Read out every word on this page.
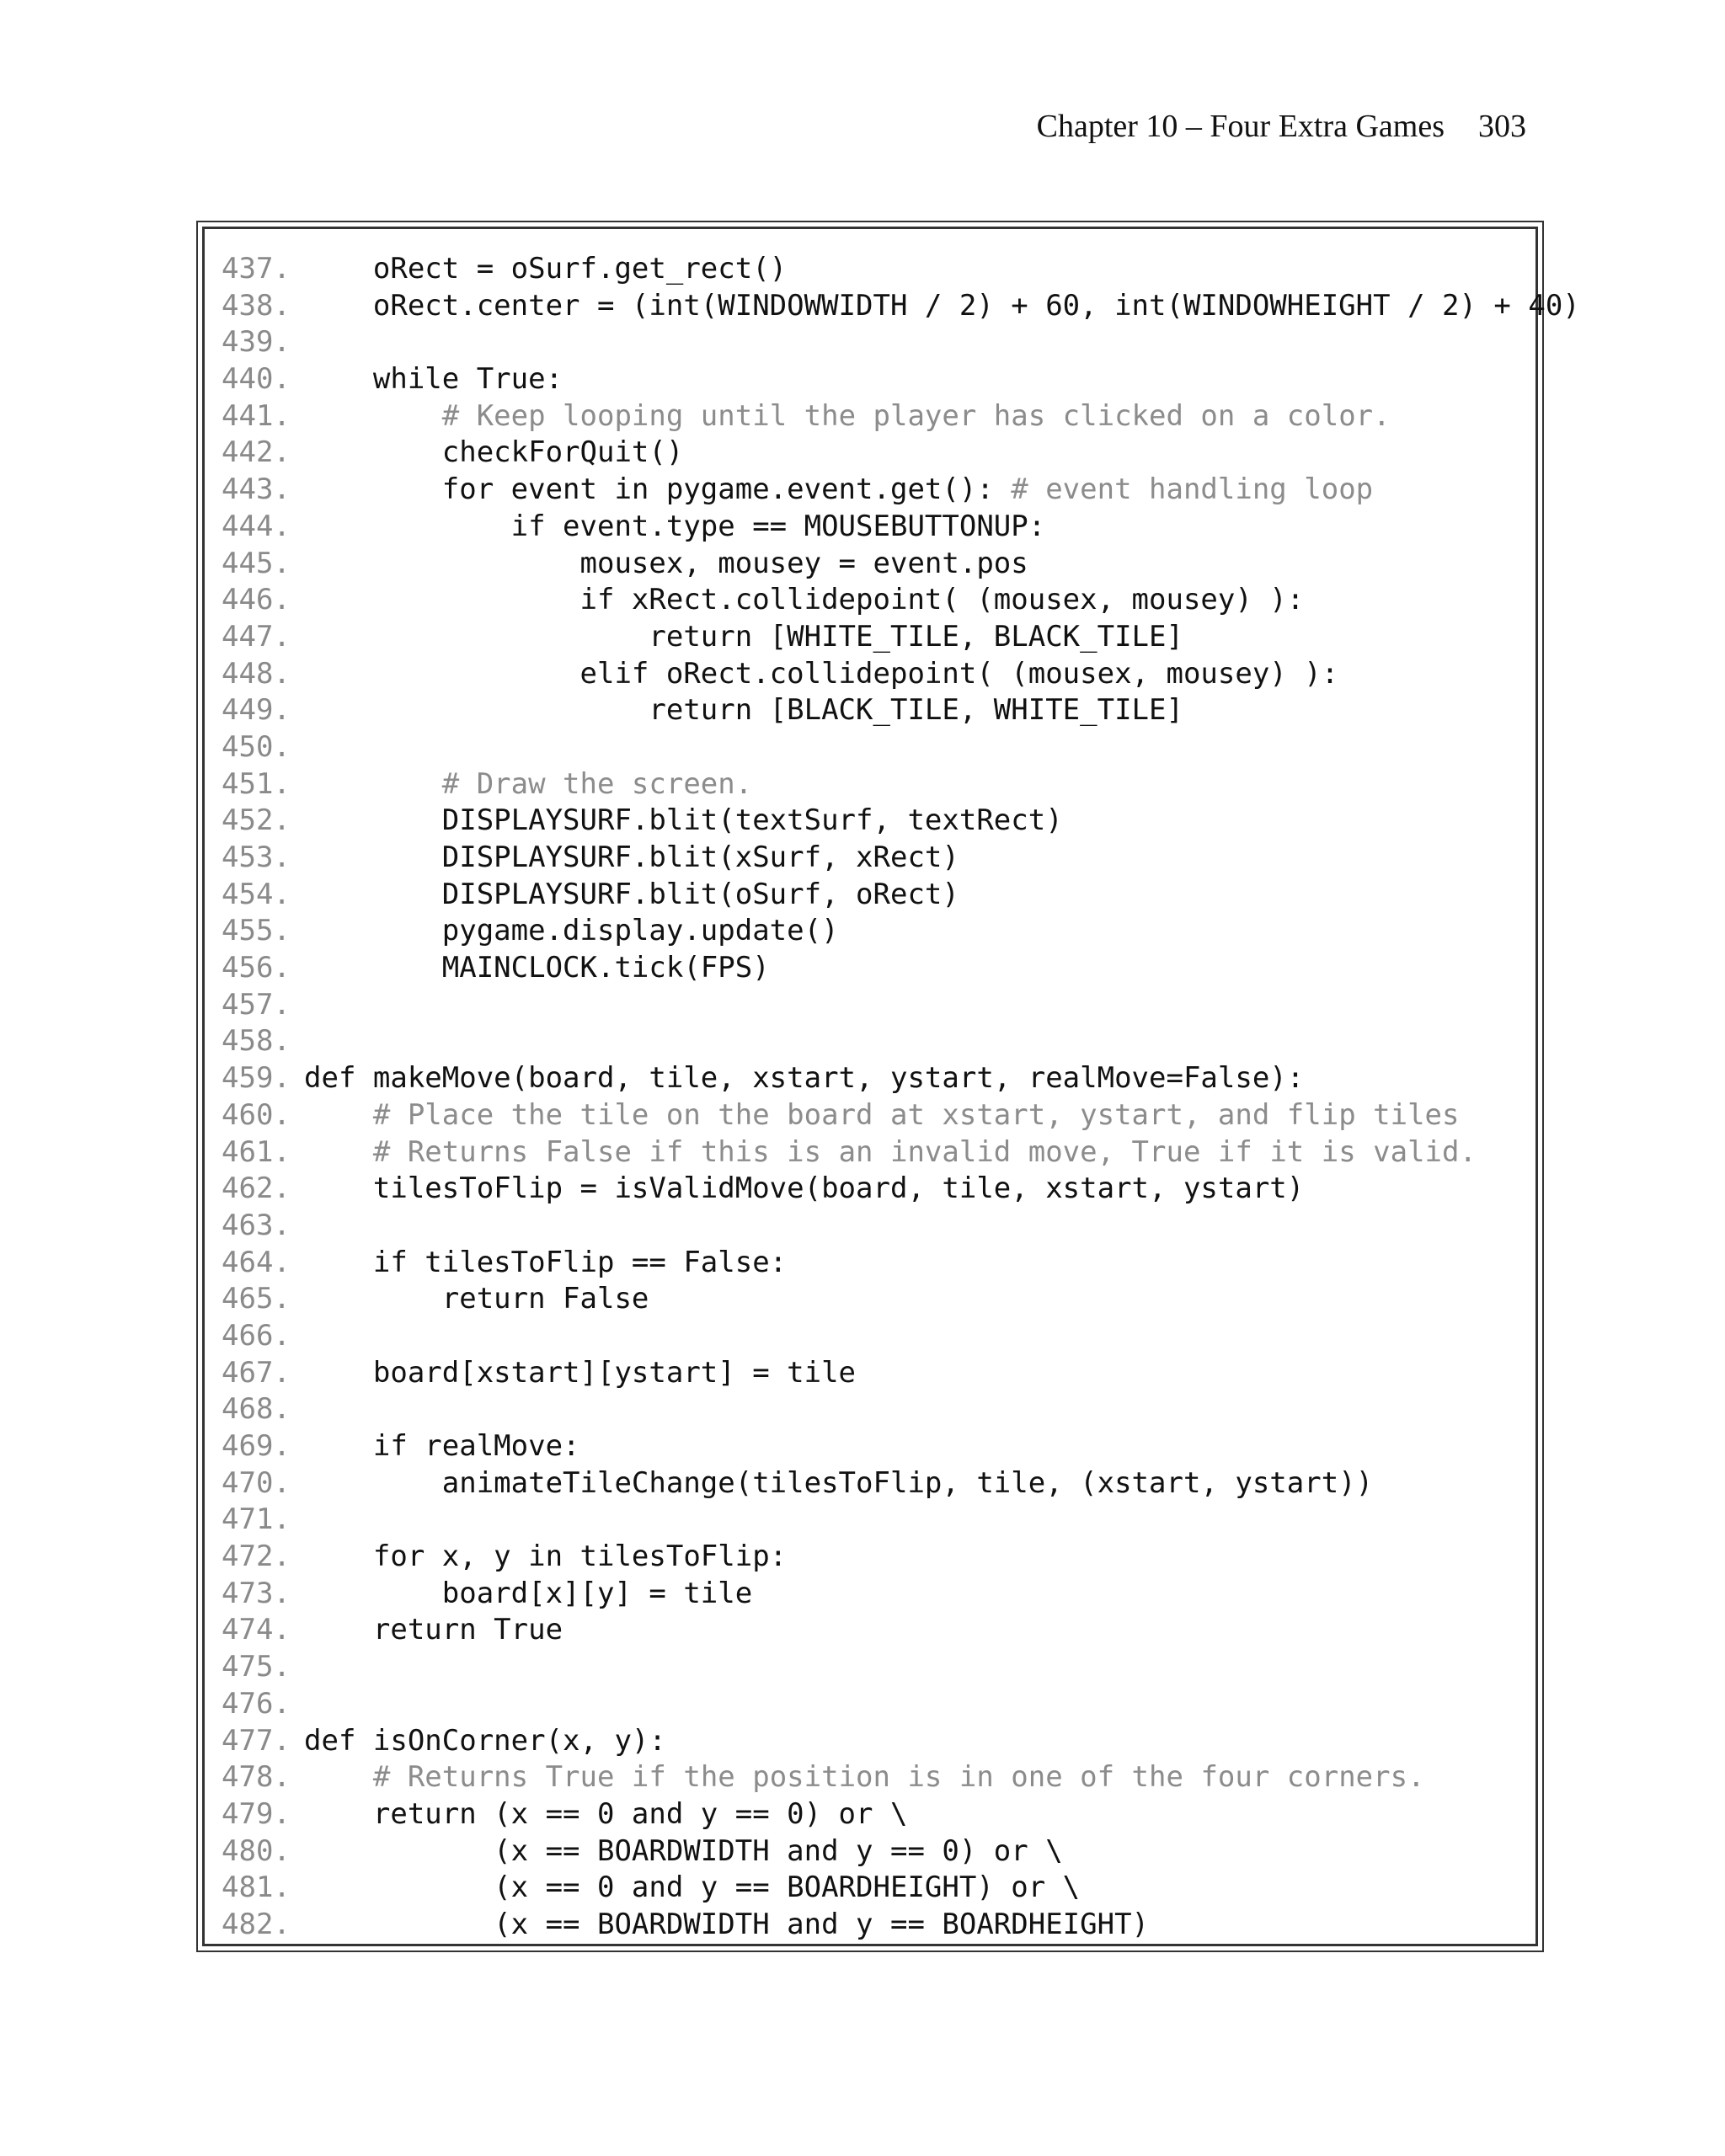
Chapter 10 – Four Extra Games 303
437. oRect = oSurf.get_rect()
438. oRect.center = (int(WINDOWWIDTH / 2) + 60, int(WINDOWHEIGHT / 2) + 40)
439.
440. while True:
441.	# Keep looping until the player has clicked on a color.
442. checkForQuit()
443. for event in pygame.event.get(): # event handling loop
444. if event.type == MOUSEBUTTONUP:
445. mousex, mousey = event.pos
446. if xRect.collidepoint( (mousex, mousey) ):
447. return [WHITE_TILE, BLACK_TILE]
448. elif oRect.collidepoint( (mousex, mousey) ):
449. return [BLACK_TILE, WHITE_TILE]
450.
451.	# Draw the screen.
452. DISPLAYSURF.blit(textSurf, textRect)
453. DISPLAYSURF.blit(xSurf, xRect)
454. DISPLAYSURF.blit(oSurf, oRect)
455. pygame.display.update()
456. MAINCLOCK.tick(FPS)
457.
458.
459. def makeMove(board, tile, xstart, ystart, realMove=False):
460.	# Place the tile on the board at xstart, ystart, and flip tiles
461.	# Returns False if this is an invalid move, True if it is valid.
462. tilesToFlip = isValidMove(board, tile, xstart, ystart)
463.
464. if tilesToFlip == False:
465. return False
466.
467. board[xstart][ystart] = tile
468.
469. if realMove:
470. animateTileChange(tilesToFlip, tile, (xstart, ystart))
471.
472. for x, y in tilesToFlip:
473. board[x][y] = tile
474. return True
475.
476.
477. def isOnCorner(x, y):
478.	# Returns True if the position is in one of the four corners.
479. return (x == 0 and y == 0) or \
480. (x == BOARDWIDTH and y == 0) or \
481. (x == 0 and y == BOARDHEIGHT) or \
482. (x == BOARDWIDTH and y == BOARDHEIGHT)
